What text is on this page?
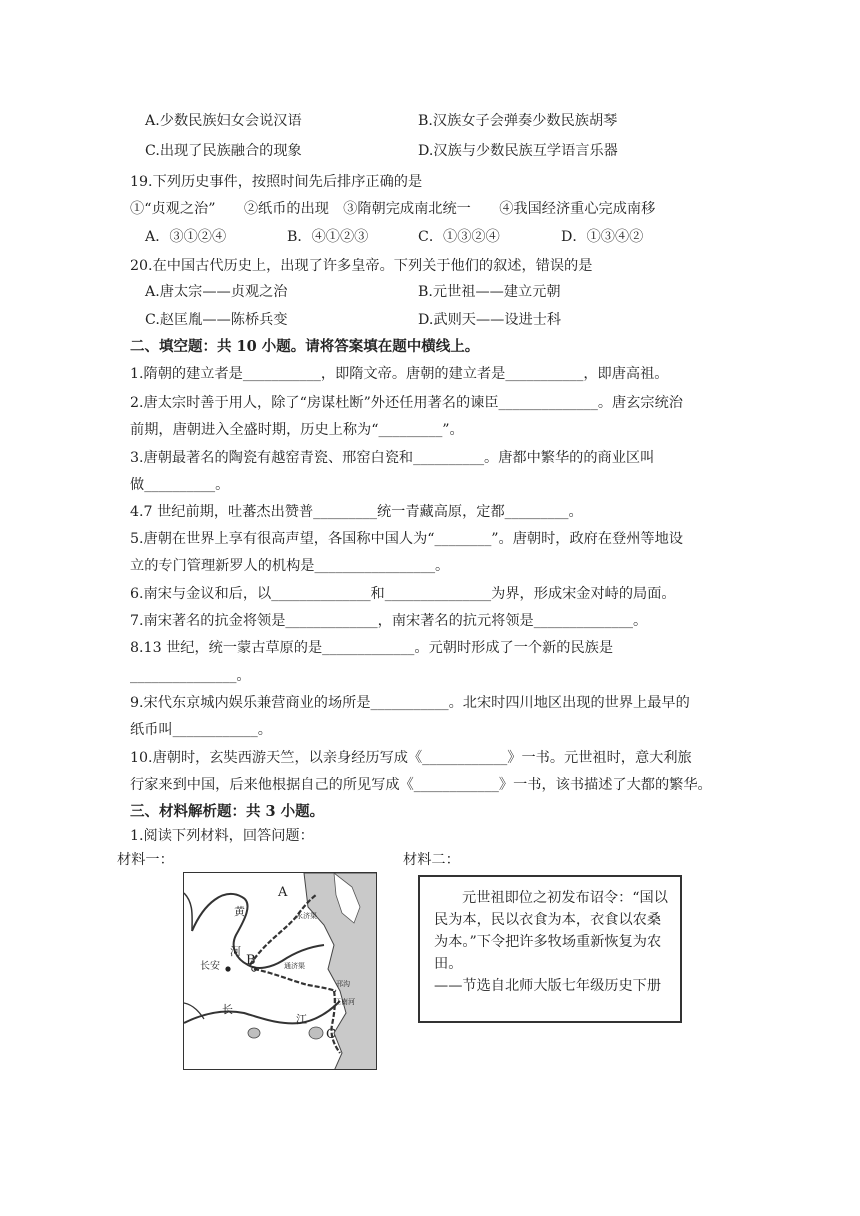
A.少数民族妇女会说汉语	B.汉族女子会弹奏少数民族胡琴
C.出现了民族融合的现象	D.汉族与少数民族互学语言乐器
19.下列历史事件，按照时间先后排序正确的是
①“贞观之治”　　②纸币的出现　③隋朝完成南北统一　　④我国经济重心完成南移
A．③①②④	B．④①②③	C．①③②④	D．①③④②
20.在中国古代历史上，出现了许多皇帝。下列关于他们的叙述，错误的是
A.唐太宗——贞观之治	B.元世祖——建立元朝
C.赵匡胤——陈桥兵变	D.武则天——设进士科
二、填空题：共 10 小题。请将答案填在题中横线上。
1.隋朝的建立者是___________，即隋文帝。唐朝的建立者是___________，即唐高祖。
2.唐太宗时善于用人，除了“房谋杜断”外还任用著名的谏臣______________。唐玄宗统治
前期，唐朝进入全盛时期，历史上称为“_________”。
3.唐朝最著名的陶瓷有越窑青瓷、邢窑白瓷和__________。唐都中繁华的的商业区叫
做__________。
4.7 世纪前期，吐蕃杰出赞普_________统一青藏高原，定都_________。
5.唐朝在世界上享有很高声望，各国称中国人为“________”。唐朝时，政府在登州等地设
立的专门管理新罗人的机构是_________________。
6.南宋与金议和后，以______________和_______________为界，形成宋金对峙的局面。
7.南宋著名的抗金将领是_____________，南宋著名的抗元将领是______________。
8.13 世纪，统一蒙古草原的是_____________。元朝时形成了一个新的民族是
_______________。
9.宋代东京城内娱乐兼营商业的场所是___________。北宋时四川地区出现的世界上最早的
纸币叫____________。
10.唐朝时，玄奘西游天竺，以亲身经历写成《____________》一书。元世祖时，意大利旅
行家来到中国，后来他根据自己的所见写成《____________》一书，该书描述了大都的繁华。
三、材料解析题：共 3 小题。
1.阅读下列材料，回答问题：
材料一：	材料二：
A
B
C
长安
黄
河
长
江
永济渠
通济渠
邗沟
江南河
元世祖即位之初发布诏令：“国以民为本，民以衣食为本，衣食以农桑为本。”下令把许多牧场重新恢复为农田。
——节选自北师大版七年级历史下册
